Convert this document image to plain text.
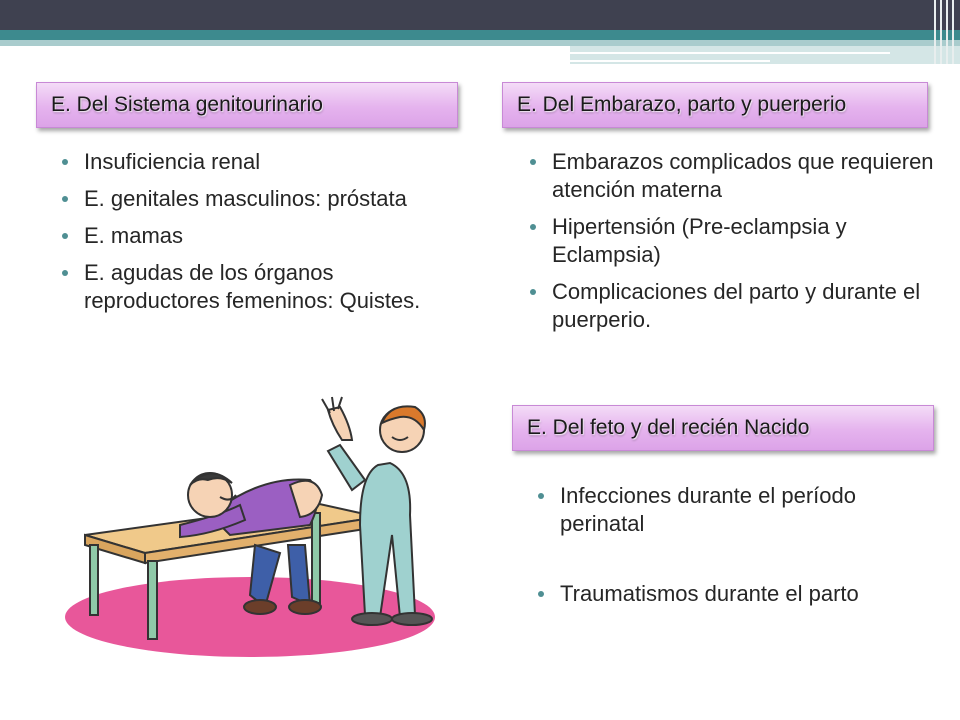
E. Del Sistema genitourinario	E. Del Embarazo, parto y puerperio
E. Del feto y del recién Nacido
Insuficiencia renal
E. genitales masculinos: próstata
E. mamas
E. agudas de los órganos reproductores femeninos: Quistes.
Embarazos complicados que requieren atención materna
Hipertensión (Pre-eclampsia y Eclampsia)
Complicaciones del parto y durante el puerperio.
Infecciones durante el período perinatal
Traumatismos durante el parto
